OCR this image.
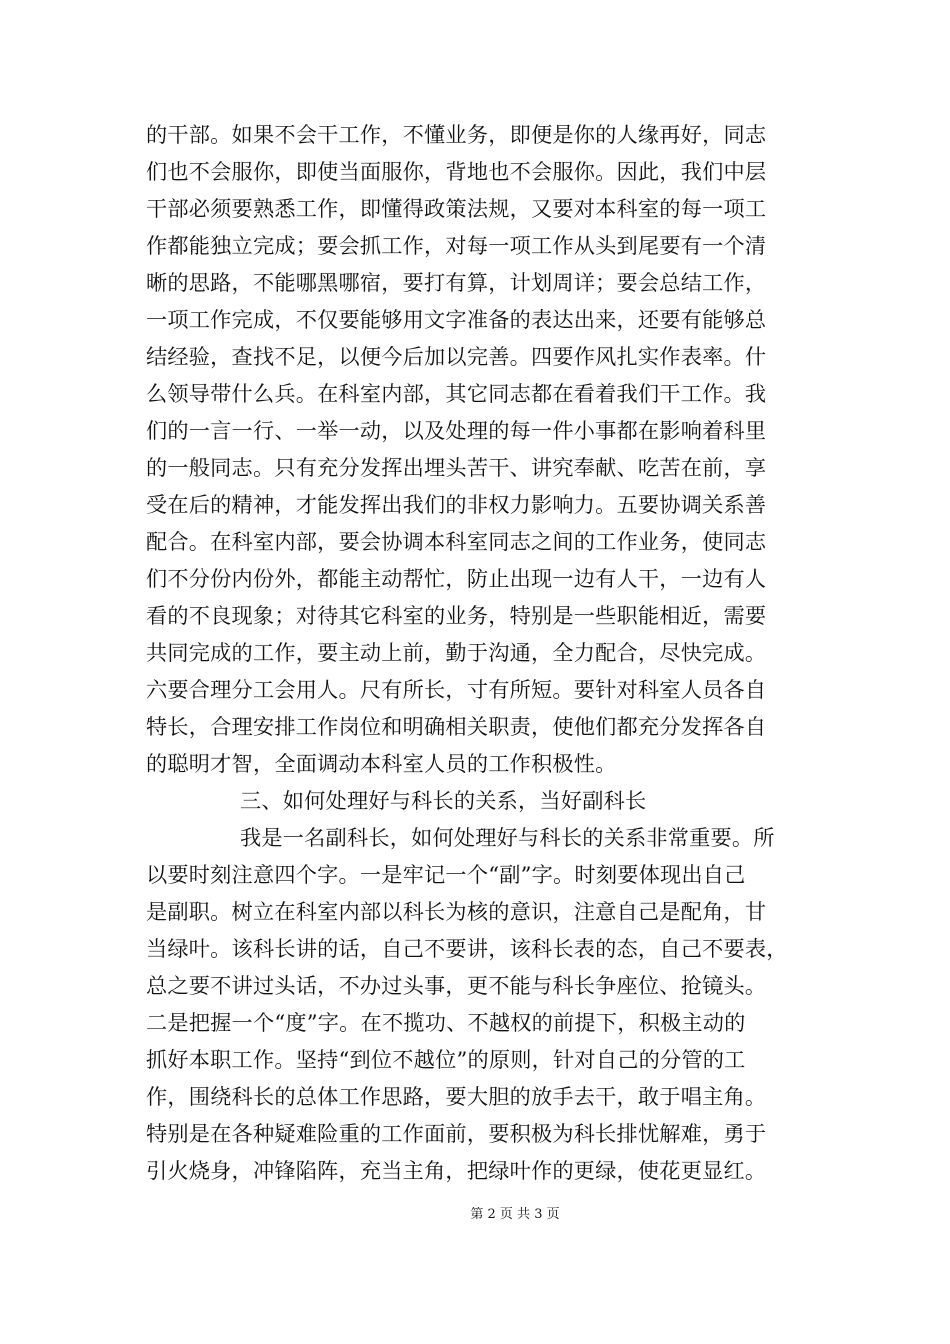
的干部。如果不会干工作，不懂业务，即便是你的人缘再好，同志
们也不会服你，即使当面服你，背地也不会服你。因此，我们中层
干部必须要熟悉工作，即懂得政策法规，又要对本科室的每一项工
作都能独立完成；要会抓工作，对每一项工作从头到尾要有一个清
晰的思路，不能哪黑哪宿，要打有算，计划周详；要会总结工作，
一项工作完成，不仅要能够用文字准备的表达出来，还要有能够总
结经验，查找不足，以便今后加以完善。四要作风扎实作表率。什
么领导带什么兵。在科室内部，其它同志都在看着我们干工作。我
们的一言一行、一举一动，以及处理的每一件小事都在影响着科里
的一般同志。只有充分发挥出埋头苦干、讲究奉献、吃苦在前，享
受在后的精神，才能发挥出我们的非权力影响力。五要协调关系善
配合。在科室内部，要会协调本科室同志之间的工作业务，使同志
们不分份内份外，都能主动帮忙，防止出现一边有人干，一边有人
看的不良现象；对待其它科室的业务，特别是一些职能相近，需要
共同完成的工作，要主动上前，勤于沟通，全力配合，尽快完成。
六要合理分工会用人。尺有所长，寸有所短。要针对科室人员各自
特长，合理安排工作岗位和明确相关职责，使他们都充分发挥各自
的聪明才智，全面调动本科室人员的工作积极性。
三、如何处理好与科长的关系，当好副科长
我是一名副科长，如何处理好与科长的关系非常重要。所
以要时刻注意四个字。一是牢记一个“副”字。时刻要体现出自己
是副职。树立在科室内部以科长为核的意识，注意自己是配角，甘
当绿叶。该科长讲的话，自己不要讲，该科长表的态，自己不要表，
总之要不讲过头话，不办过头事，更不能与科长争座位、抢镜头。
二是把握一个“度”字。在不揽功、不越权的前提下，积极主动的
抓好本职工作。坚持“到位不越位”的原则，针对自己的分管的工
作，围绕科长的总体工作思路，要大胆的放手去干，敢于唱主角。
特别是在各种疑难险重的工作面前，要积极为科长排忧解难，勇于
引火烧身，冲锋陷阵，充当主角，把绿叶作的更绿，使花更显红。
第 2 页 共 3 页
